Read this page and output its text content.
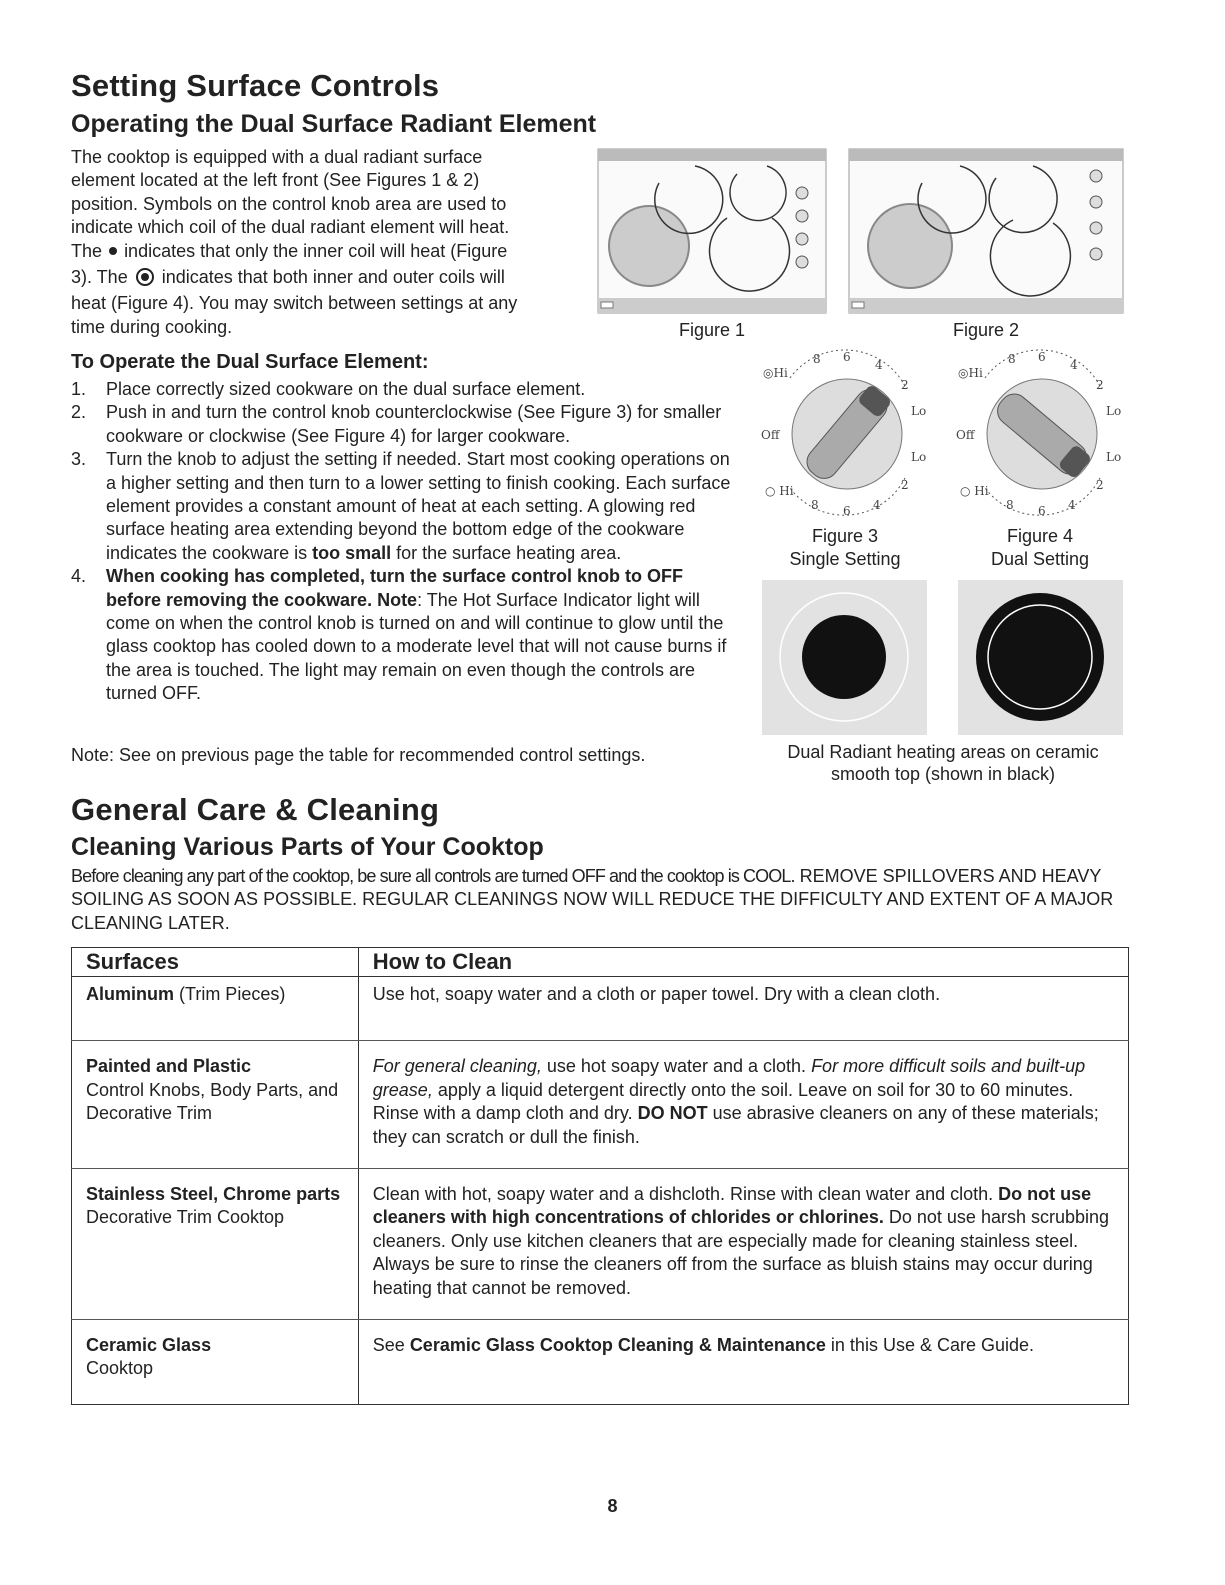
Setting Surface Controls
Operating the Dual Surface Radiant Element
The cooktop is equipped with a dual radiant surface
element located at the left front (See Figures 1 & 2)
position. Symbols on the control knob area are used to
indicate which coil of the dual radiant element will heat.
The indicates that only the inner coil will heat (Figure
3). The indicates that both inner and outer coils will
heat (Figure 4). You may switch between settings at any
time during cooking.	Figure 1	Figure 2
◎Hi
8 6
4
2
Lo
Off
Lo
2
○ Hi
8 6 4
Figure 3
Single Setting
◎Hi
8 6
4
2
Lo
Off
Lo
2
○ Hi
8 6 4
Figure 4
Dual Setting
Dual Radiant heating areas on ceramic
smooth top (shown in black)
To Operate the Dual Surface Element:
1. Place correctly sized cookware on the dual surface element.
2. Push in and turn the control knob counterclockwise (See Figure 3) for smaller cookware or clockwise (See Figure 4) for larger cookware.
3. Turn the knob to adjust the setting if needed. Start most cooking operations on a higher setting and then turn to a lower setting to finish cooking. Each surface element provides a constant amount of heat at each setting. A glowing red surface heating area extending beyond the bottom edge of the cookware indicates the cookware is too small for the surface heating area.
4. When cooking has completed, turn the surface control knob to OFF before removing the cookware. Note: The Hot Surface Indicator light will come on when the control knob is turned on and will continue to glow until the glass cooktop has cooled down to a moderate level that will not cause burns if the area is touched. The light may remain on even though the controls are turned OFF.
Note: See on previous page the table for recommended control settings.
General Care & Cleaning
Cleaning Various Parts of Your Cooktop
Before cleaning any part of the cooktop, be sure all controls are turned OFF and the cooktop is COOL. REMOVE SPILLOVERS AND HEAVY SOILING AS SOON AS POSSIBLE. REGULAR CLEANINGS NOW WILL REDUCE THE DIFFICULTY AND EXTENT OF A MAJOR CLEANING LATER.
Surfaces	How to Clean
Aluminum (Trim Pieces)	Use hot, soapy water and a cloth or paper towel. Dry with a clean cloth.

Painted and Plastic
Control Knobs, Body Parts, and Decorative Trim	For general cleaning, use hot soapy water and a cloth. For more difficult soils and built-up grease, apply a liquid detergent directly onto the soil. Leave on soil for 30 to 60 minutes. Rinse with a damp cloth and dry. DO NOT use abrasive cleaners on any of these materials; they can scratch or dull the finish.

Stainless Steel, Chrome parts
Decorative Trim Cooktop	Clean with hot, soapy water and a dishcloth. Rinse with clean water and cloth. Do not use cleaners with high concentrations of chlorides or chlorines. Do not use harsh scrubbing cleaners. Only use kitchen cleaners that are especially made for cleaning stainless steel. Always be sure to rinse the cleaners off from the surface as bluish stains may occur during heating that cannot be removed.

Ceramic Glass
Cooktop	See Ceramic Glass Cooktop Cleaning & Maintenance in this Use & Care Guide.
8
